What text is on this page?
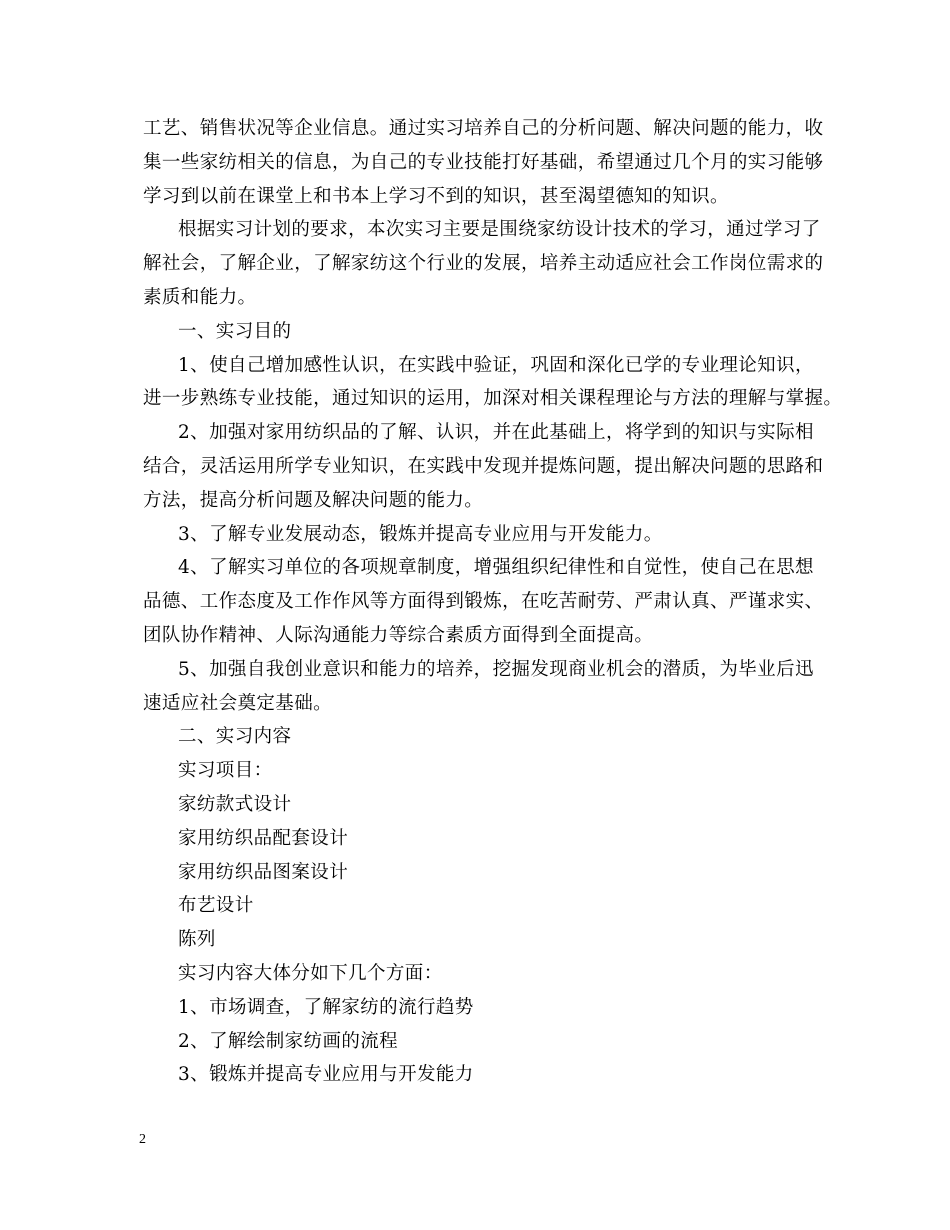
工艺、销售状况等企业信息。通过实习培养自己的分析问题、解决问题的能力，收
集一些家纺相关的信息，为自己的专业技能打好基础，希望通过几个月的实习能够
学习到以前在课堂上和书本上学习不到的知识，甚至渴望德知的知识。
根据实习计划的要求，本次实习主要是围绕家纺设计技术的学习，通过学习了
解社会，了解企业，了解家纺这个行业的发展，培养主动适应社会工作岗位需求的
素质和能力。
一、实习目的
1、使自己增加感性认识，在实践中验证，巩固和深化已学的专业理论知识，
进一步熟练专业技能，通过知识的运用，加深对相关课程理论与方法的理解与掌握。
2、加强对家用纺织品的了解、认识，并在此基础上，将学到的知识与实际相
结合，灵活运用所学专业知识，在实践中发现并提炼问题，提出解决问题的思路和
方法，提高分析问题及解决问题的能力。
3、了解专业发展动态，锻炼并提高专业应用与开发能力。
4、了解实习单位的各项规章制度，增强组织纪律性和自觉性，使自己在思想
品德、工作态度及工作作风等方面得到锻炼，在吃苦耐劳、严肃认真、严谨求实、
团队协作精神、人际沟通能力等综合素质方面得到全面提高。
5、加强自我创业意识和能力的培养，挖掘发现商业机会的潜质，为毕业后迅
速适应社会奠定基础。
二、实习内容
实习项目：
家纺款式设计
家用纺织品配套设计
家用纺织品图案设计
布艺设计
陈列
实习内容大体分如下几个方面：
1、市场调查，了解家纺的流行趋势
2、了解绘制家纺画的流程
3、锻炼并提高专业应用与开发能力
2
